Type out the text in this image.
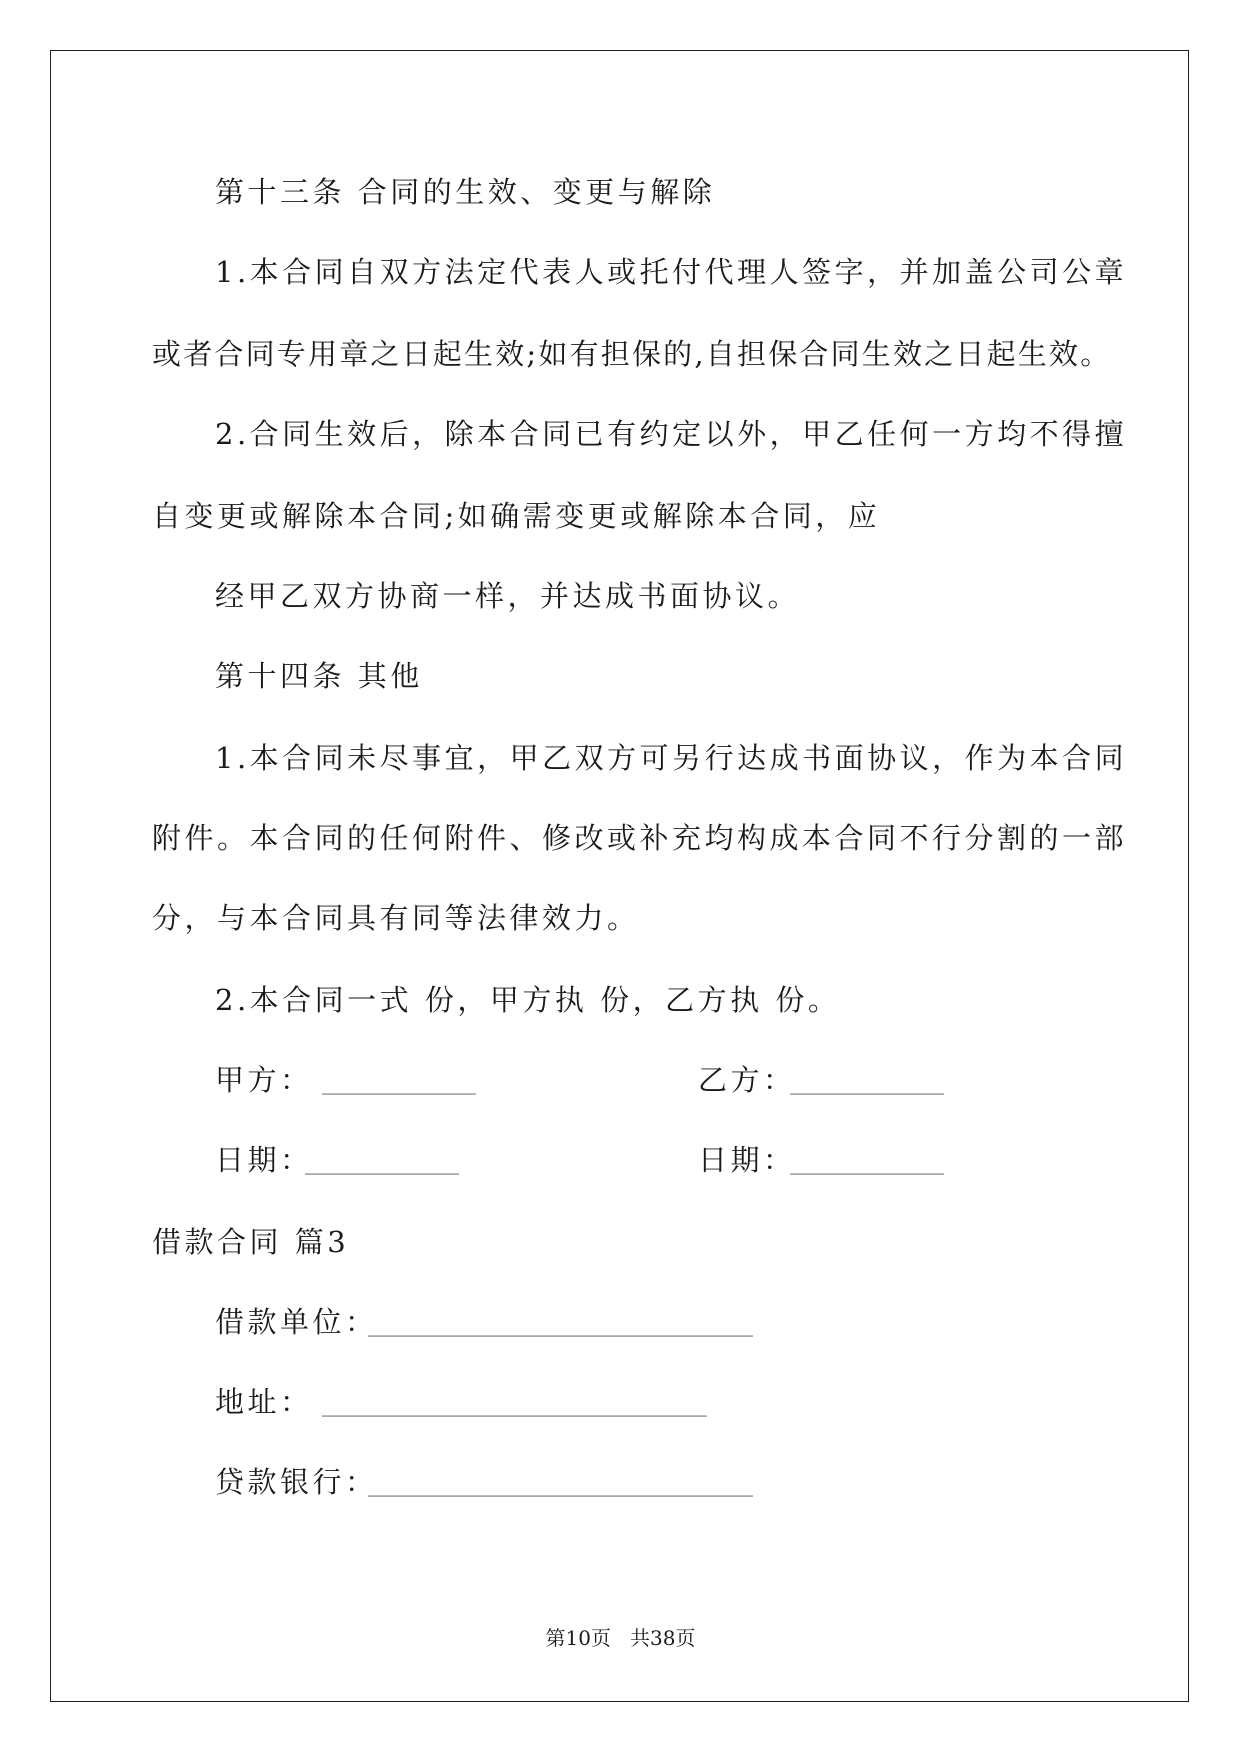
第十三条 合同的生效、变更与解除
1.本合同自双方法定代表人或托付代理人签字，并加盖公司公章
或者合同专用章之日起生效;如有担保的,自担保合同生效之日起生效。
2.合同生效后，除本合同已有约定以外，甲乙任何一方均不得擅
自变更或解除本合同;如确需变更或解除本合同，应
经甲乙双方协商一样，并达成书面协议。
第十四条 其他
1.本合同未尽事宜，甲乙双方可另行达成书面协议，作为本合同
附件。本合同的任何附件、修改或补充均构成本合同不行分割的一部
分，与本合同具有同等法律效力。
2.本合同一式 份，甲方执 份，乙方执 份。
甲方： ______________	乙方：
______________
日期：
______________	日期：
______________
借款合同 篇3
借款单位：
___________________________________
地址： ___________________________________
贷款银行：
___________________________________
第10页   共38页
